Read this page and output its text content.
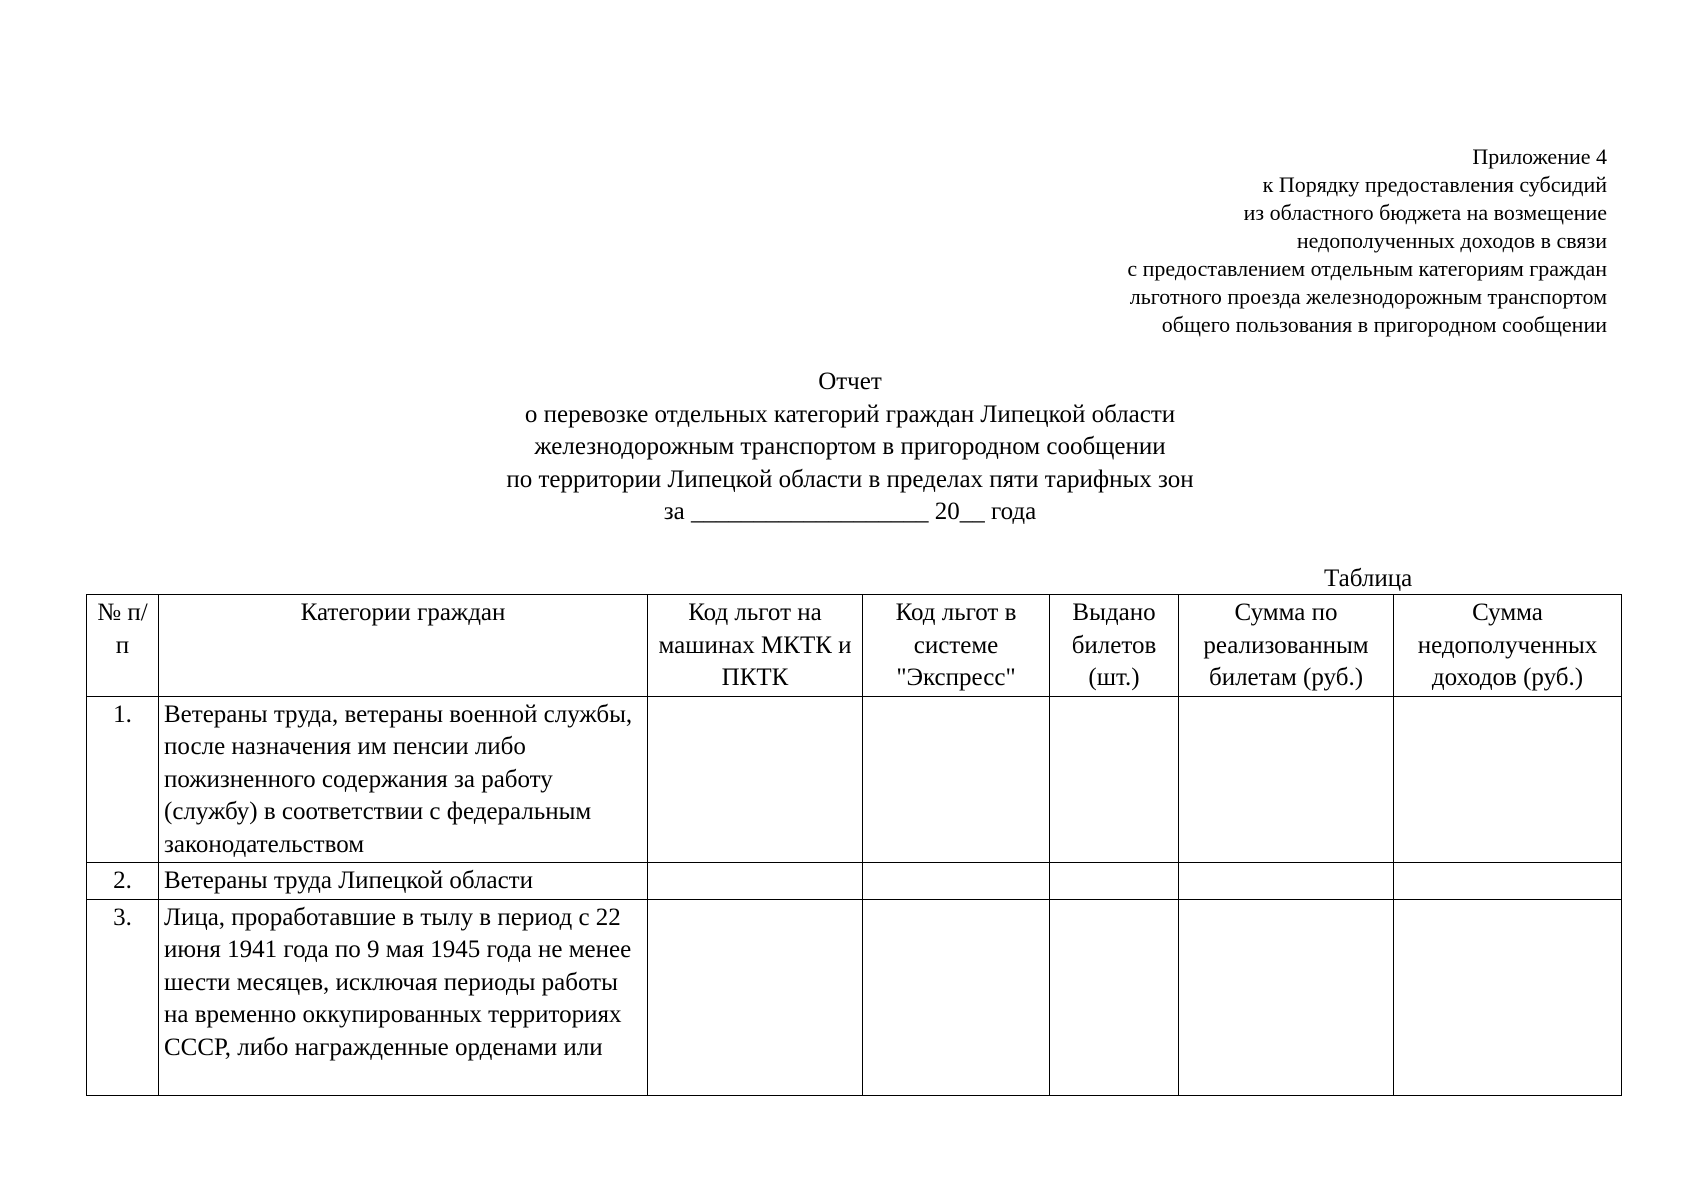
Приложение 4
к Порядку предоставления субсидий
из областного бюджета на возмещение
недополученных доходов в связи
с предоставлением отдельным категориям граждан
льготного проезда железнодорожным транспортом
общего пользования в пригородном сообщении
Отчет
о перевозке отдельных категорий граждан Липецкой области
железнодорожным транспортом в пригородном сообщении
по территории Липецкой области в пределах пяти тарифных зон
за ___________________ 20__ года
Таблица
№ п/п	Категории граждан	Код льгот на машинах МКТК и ПКТК	Код льгот в системе "Экспресс"	Выдано билетов (шт.)	Сумма по реализованным билетам (руб.)	Сумма недополученных доходов (руб.)
1.	Ветераны труда, ветераны военной службы, после назначения им пенсии либо пожизненного содержания за работу (службу) в соответствии с федеральным законодательством					
2.	Ветераны труда Липецкой области					
3.	Лица, проработавшие в тылу в период с 22 июня 1941 года по 9 мая 1945 года не менее шести месяцев, исключая периоды работы на временно оккупированных территориях СССР, либо награжденные орденами или					
